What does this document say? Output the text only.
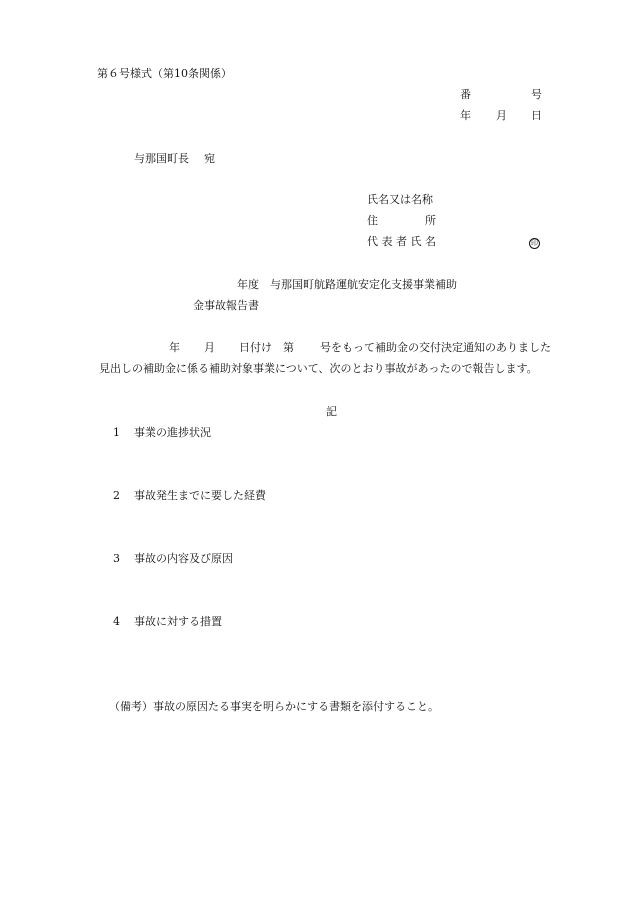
第６号様式（第10条関係）
番	号
年 月 日
与那国町長 宛
氏名又は名称
住	所
代 表 者 氏 名	印
年度　与那国町航路運航安定化支援事業補助
金事故報告書
年 月 日付け　第 号をもって補助金の交付決定通知のありました
見出しの補助金に係る補助対象事業について、次のとおり事故があったので報告します。
記
1 事業の進捗状況
2 事故発生までに要した経費
3 事故の内容及び原因
4 事故に対する措置
（備考）事故の原因たる事実を明らかにする書類を添付すること。
